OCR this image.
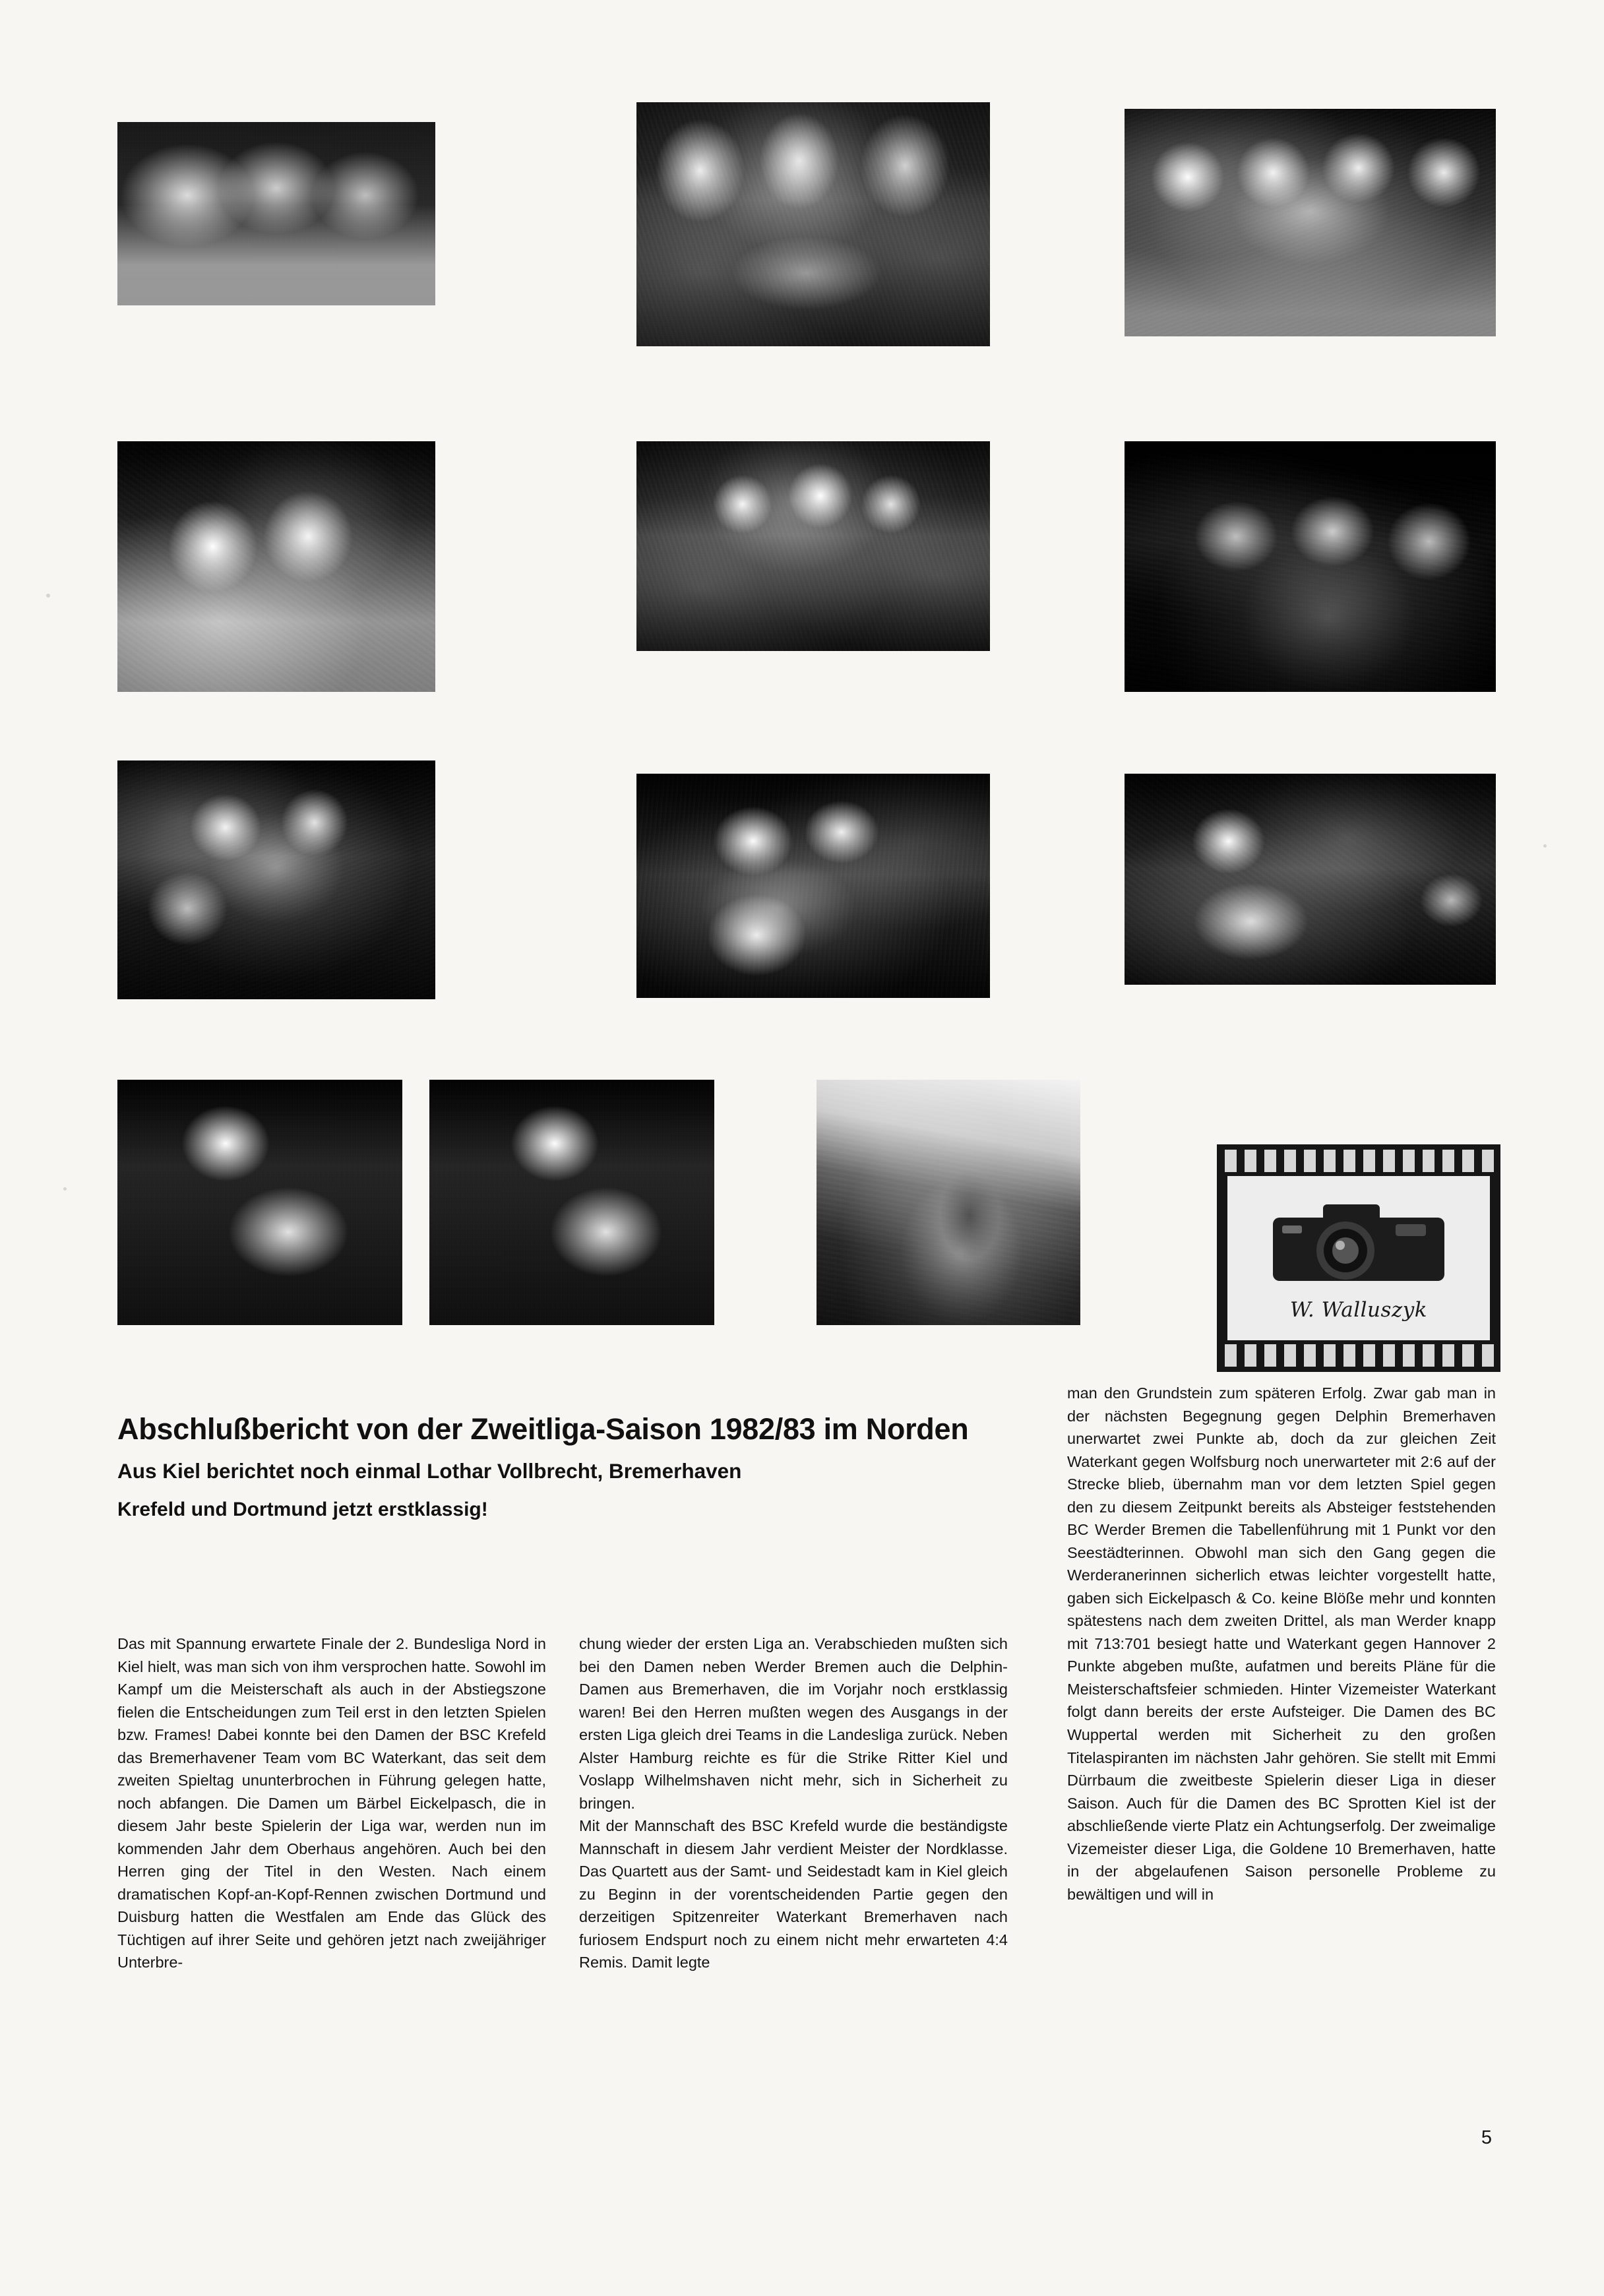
W. Walluszyk
Abschlußbericht von der Zweitliga-Saison 1982/83 im Norden
Aus Kiel berichtet noch einmal Lothar Vollbrecht, Bremerhaven
Krefeld und Dortmund jetzt erstklassig!

Das mit Spannung erwartete Finale der 2. Bundesliga Nord in Kiel hielt, was man sich von ihm versprochen hatte. Sowohl im Kampf um die Meisterschaft als auch in der Abstiegszone fielen die Entscheidungen zum Teil erst in den letzten Spielen bzw. Frames! Dabei konnte bei den Damen der BSC Krefeld das Bremerhavener Team vom BC Waterkant, das seit dem zweiten Spieltag ununterbrochen in Führung gelegen hatte, noch abfangen. Die Damen um Bärbel Eickelpasch, die in diesem Jahr beste Spielerin der Liga war, werden nun im kommenden Jahr dem Oberhaus angehören. Auch bei den Herren ging der Titel in den Westen. Nach einem dramatischen Kopf-an-Kopf-Rennen zwischen Dortmund und Duisburg hatten die Westfalen am Ende das Glück des Tüchtigen auf ihrer Seite und gehören jetzt nach zweijähriger Unterbre-

chung wieder der ersten Liga an. Verabschieden mußten sich bei den Damen neben Werder Bremen auch die Delphin-Damen aus Bremerhaven, die im Vorjahr noch erstklassig waren! Bei den Herren mußten wegen des Ausgangs in der ersten Liga gleich drei Teams in die Landesliga zurück. Neben Alster Hamburg reichte es für die Strike Ritter Kiel und Voslapp Wilhelmshaven nicht mehr, sich in Sicherheit zu bringen.

Mit der Mannschaft des BSC Krefeld wurde die beständigste Mannschaft in diesem Jahr verdient Meister der Nordklasse. Das Quartett aus der Samt- und Seidestadt kam in Kiel gleich zu Beginn in der vorentscheidenden Partie gegen den derzeitigen Spitzenreiter Waterkant Bremerhaven nach furiosem Endspurt noch zu einem nicht mehr erwarteten 4:4 Remis. Damit legte

man den Grundstein zum späteren Erfolg. Zwar gab man in der nächsten Begegnung gegen Delphin Bremerhaven unerwartet zwei Punkte ab, doch da zur gleichen Zeit Waterkant gegen Wolfsburg noch unerwarteter mit 2:6 auf der Strecke blieb, übernahm man vor dem letzten Spiel gegen den zu diesem Zeitpunkt bereits als Absteiger feststehenden BC Werder Bremen die Tabellenführung mit 1 Punkt vor den Seestädterinnen. Obwohl man sich den Gang gegen die Werderanerinnen sicherlich etwas leichter vorgestellt hatte, gaben sich Eickelpasch & Co. keine Blöße mehr und konnten spätestens nach dem zweiten Drittel, als man Werder knapp mit 713:701 besiegt hatte und Waterkant gegen Hannover 2 Punkte abgeben mußte, aufatmen und bereits Pläne für die Meisterschaftsfeier schmieden. Hinter Vizemeister Waterkant folgt dann bereits der erste Aufsteiger. Die Damen des BC Wuppertal werden mit Sicherheit zu den großen Titelaspiranten im nächsten Jahr gehören. Sie stellt mit Emmi Dürrbaum die zweitbeste Spielerin dieser Liga in dieser Saison. Auch für die Damen des BC Sprotten Kiel ist der abschließende vierte Platz ein Achtungserfolg. Der zweimalige Vizemeister dieser Liga, die Goldene 10 Bremerhaven, hatte in der abgelaufenen Saison personelle Probleme zu bewältigen und will in

5
